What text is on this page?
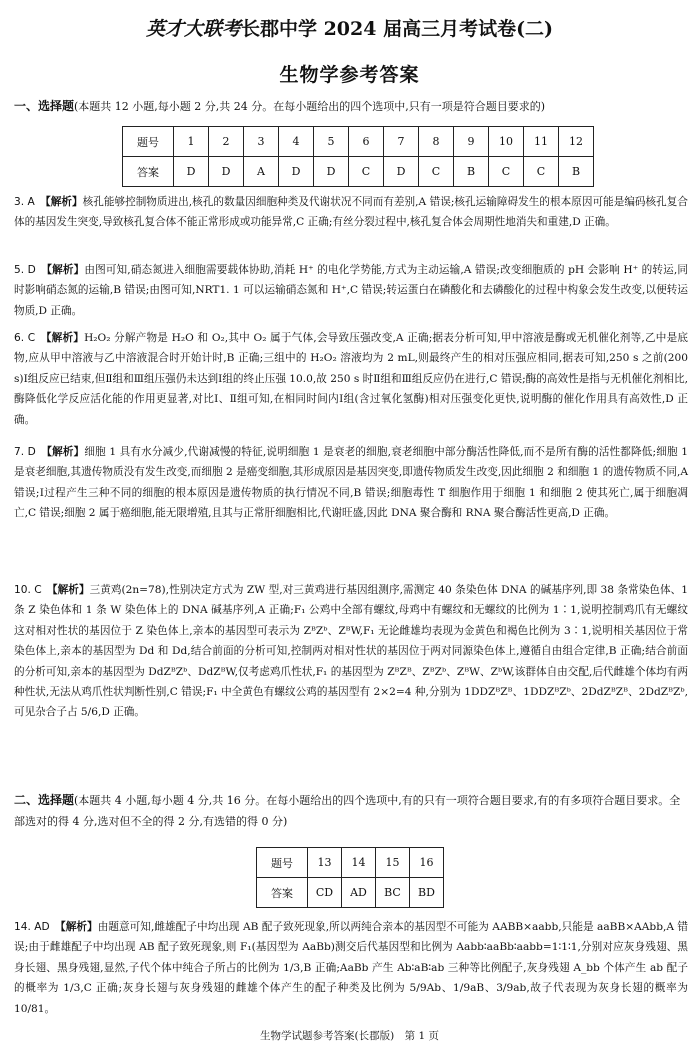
英才大联考长郡中学 2024 届高三月考试卷(二)
生物学参考答案
一、选择题(本题共 12 小题,每小题 2 分,共 24 分。在每小题给出的四个选项中,只有一项是符合题目要求的)
题号	1	2	3	4	5	6	7	8	9	10	11	12
答案	D	D	A	D	D	C	D	C	B	C	C	B
3. A　 【解析】核孔能够控制物质进出,核孔的数量因细胞种类及代谢状况不同而有差别,A 错误;核孔运输障碍发生的根本原因可能是编码核孔复合体的基因发生突变,导致核孔复合体不能正常形成或功能异常,C 正确;有丝分裂过程中,核孔复合体会周期性地消失和重建,D 正确。
5. D　 【解析】由图可知,硝态氮进入细胞需要载体协助,消耗 H⁺ 的电化学势能,方式为主动运输,A 错误;改变细胞质的 pH 会影响 H⁺ 的转运,同时影响硝态氮的运输,B 错误;由图可知,NRT1. 1 可以运输硝态氮和 H⁺,C 错误;转运蛋白在磷酸化和去磷酸化的过程中构象会发生改变,以便转运物质,D 正确。
6. C　 【解析】H₂O₂ 分解产物是 H₂O 和 O₂,其中 O₂ 属于气体,会导致压强改变,A 正确;据表分析可知,甲中溶液是酶或无机催化剂等,乙中是底物,应从甲中溶液与乙中溶液混合时开始计时,B 正确;三组中的 H₂O₂ 溶液均为 2 mL,则最终产生的相对压强应相同,据表可知,250 s 之前(200 s)Ⅰ组反应已结束,但Ⅱ组和Ⅲ组压强仍未达到Ⅰ组的终止压强 10.0,故 250 s 时Ⅱ组和Ⅲ组反应仍在进行,C 错误;酶的高效性是指与无机催化剂相比,酶降低化学反应活化能的作用更显著,对比Ⅰ、Ⅱ组可知,在相同时间内Ⅰ组(含过氧化氢酶)相对压强变化更快,说明酶的催化作用具有高效性,D 正确。
7. D　 【解析】细胞 1 具有水分减少,代谢减慢的特征,说明细胞 1 是衰老的细胞,衰老细胞中部分酶活性降低,而不是所有酶的活性都降低;细胞 1 是衰老细胞,其遗传物质没有发生改变,而细胞 2 是癌变细胞,其形成原因是基因突变,即遗传物质发生改变,因此细胞 2 和细胞 1 的遗传物质不同,A 错误;Ⅰ过程产生三种不同的细胞的根本原因是遗传物质的执行情况不同,B 错误;细胞毒性 T 细胞作用于细胞 1 和细胞 2 使其死亡,属于细胞凋亡,C 错误;细胞 2 属于癌细胞,能无限增殖,且其与正常肝细胞相比,代谢旺盛,因此 DNA 聚合酶和 RNA 聚合酶活性更高,D 正确。
10. C　 【解析】三黄鸡(2n=78),性别决定方式为 ZW 型,对三黄鸡进行基因组测序,需测定 40 条染色体 DNA 的碱基序列,即 38 条常染色体、1 条 Z 染色体和 1 条 W 染色体上的 DNA 碱基序列,A 正确;F₁ 公鸡中全部有螺纹,母鸡中有螺纹和无螺纹的比例为 1∶1,说明控制鸡爪有无螺纹这对相对性状的基因位于 Z 染色体上,亲本的基因型可表示为 ZᴮZᵇ、ZᴮW,F₁ 无论雌雄均表现为金黄色和褐色比例为 3∶1,说明相关基因位于常染色体上,亲本的基因型为 Dd 和 Dd,结合前面的分析可知,控制两对相对性状的基因位于两对同源染色体上,遵循自由组合定律,B 正确;结合前面的分析可知,亲本的基因型为 DdZᴮZᵇ、DdZᴮW,仅考虑鸡爪性状,F₁ 的基因型为 ZᴮZᴮ、ZᴮZᵇ、ZᴮW、ZᵇW,该群体自由交配,后代雌雄个体均有两种性状,无法从鸡爪性状判断性别,C 错误;F₁ 中全黄色有螺纹公鸡的基因型有 2×2=4 种,分别为 1DDZᴮZᴮ、1DDZᴮZᵇ、2DdZᴮZᴮ、2DdZᴮZᵇ,可见杂合子占 5/6,D 正确。
二、选择题(本题共 4 小题,每小题 4 分,共 16 分。在每小题给出的四个选项中,有的只有一项符合题目要求,有的有多项符合题目要求。全部选对的得 4 分,选对但不全的得 2 分,有选错的得 0 分)
题号	13	14	15	16
答案	CD	AD	BC	BD
14. AD　 【解析】由题意可知,雌雄配子中均出现 AB 配子致死现象,所以两纯合亲本的基因型不可能为 AABB×aabb,只能是 aaBB×AAbb,A 错误;由于雌雄配子中均出现 AB 配子致死现象,则 F₁(基因型为 AaBb)测交后代基因型和比例为 Aabb∶aaBb∶aabb=1∶1∶1,分别对应灰身残翅、黑身长翅、黑身残翅,显然,子代个体中纯合子所占的比例为 1/3,B 正确;AaBb 产生 Ab∶aB∶ab 三种等比例配子,灰身残翅 A_bb 个体产生 ab 配子的概率为 1/3,C 正确;灰身长翅与灰身残翅的雌雄个体产生的配子种类及比例为 5/9Ab、1/9aB、3/9ab,故子代表现为灰身长翅的概率为 10/81。
生物学试题参考答案(长郡版)　第 1 页
